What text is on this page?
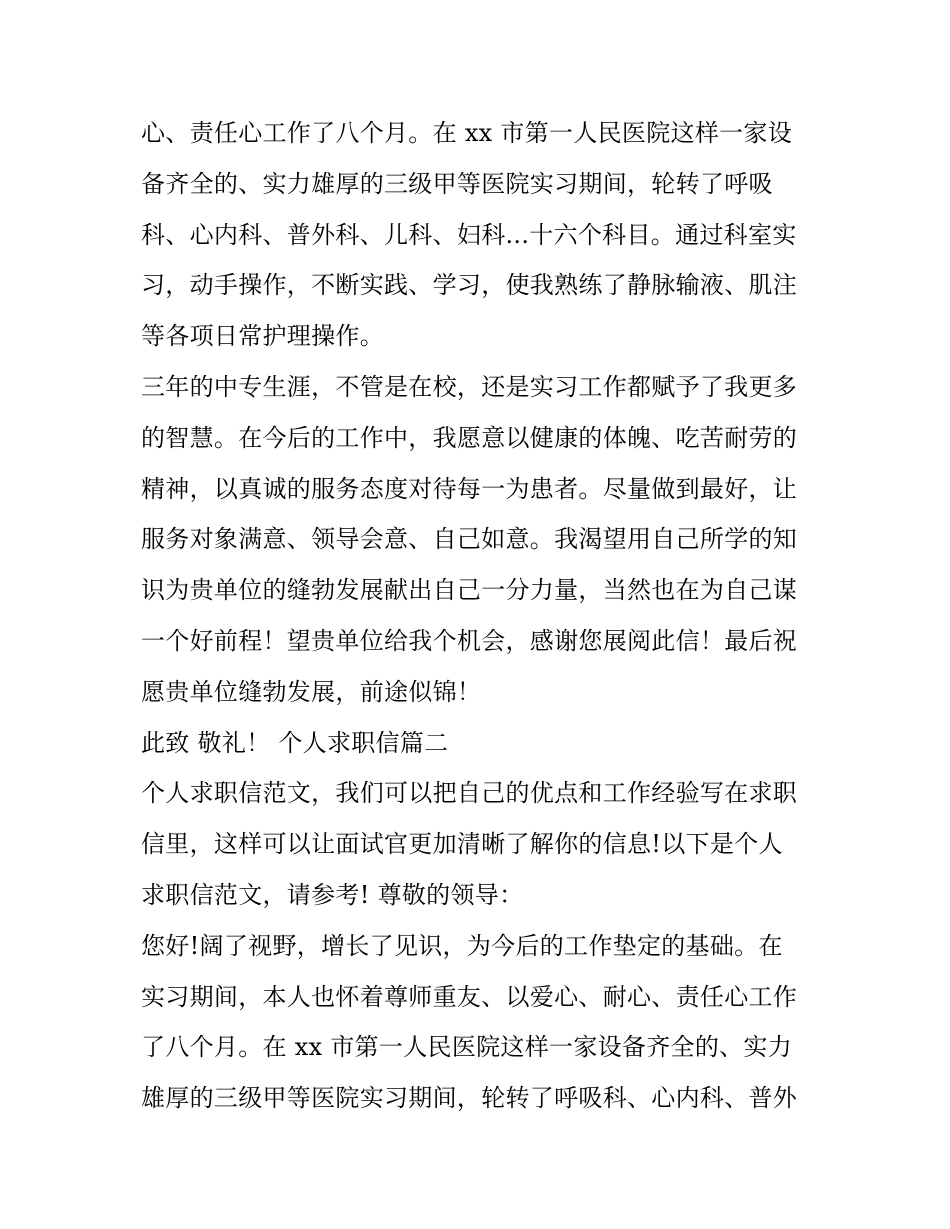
心、责任心工作了八个月。在 xx 市第一人民医院这样一家设
备齐全的、实力雄厚的三级甲等医院实习期间，轮转了呼吸
科、心内科、普外科、儿科、妇科...十六个科目。通过科室实
习，动手操作，不断实践、学习，使我熟练了静脉输液、肌注
等各项日常护理操作。
三年的中专生涯，不管是在校，还是实习工作都赋予了我更多
的智慧。在今后的工作中，我愿意以健康的体魄、吃苦耐劳的
精神，以真诚的服务态度对待每一为患者。尽量做到最好，让
服务对象满意、领导会意、自己如意。我渴望用自己所学的知
识为贵单位的缝勃发展献出自己一分力量，当然也在为自己谋
一个好前程！望贵单位给我个机会，感谢您展阅此信！最后祝
愿贵单位缝勃发展，前途似锦！
此致 敬礼！ 个人求职信篇二
个人求职信范文，我们可以把自己的优点和工作经验写在求职
信里，这样可以让面试官更加清晰了解你的信息!以下是个人
求职信范文，请参考! 尊敬的领导：
您好!阔了视野，增长了见识，为今后的工作垫定的基础。在
实习期间，本人也怀着尊师重友、以爱心、耐心、责任心工作
了八个月。在 xx 市第一人民医院这样一家设备齐全的、实力
雄厚的三级甲等医院实习期间，轮转了呼吸科、心内科、普外
